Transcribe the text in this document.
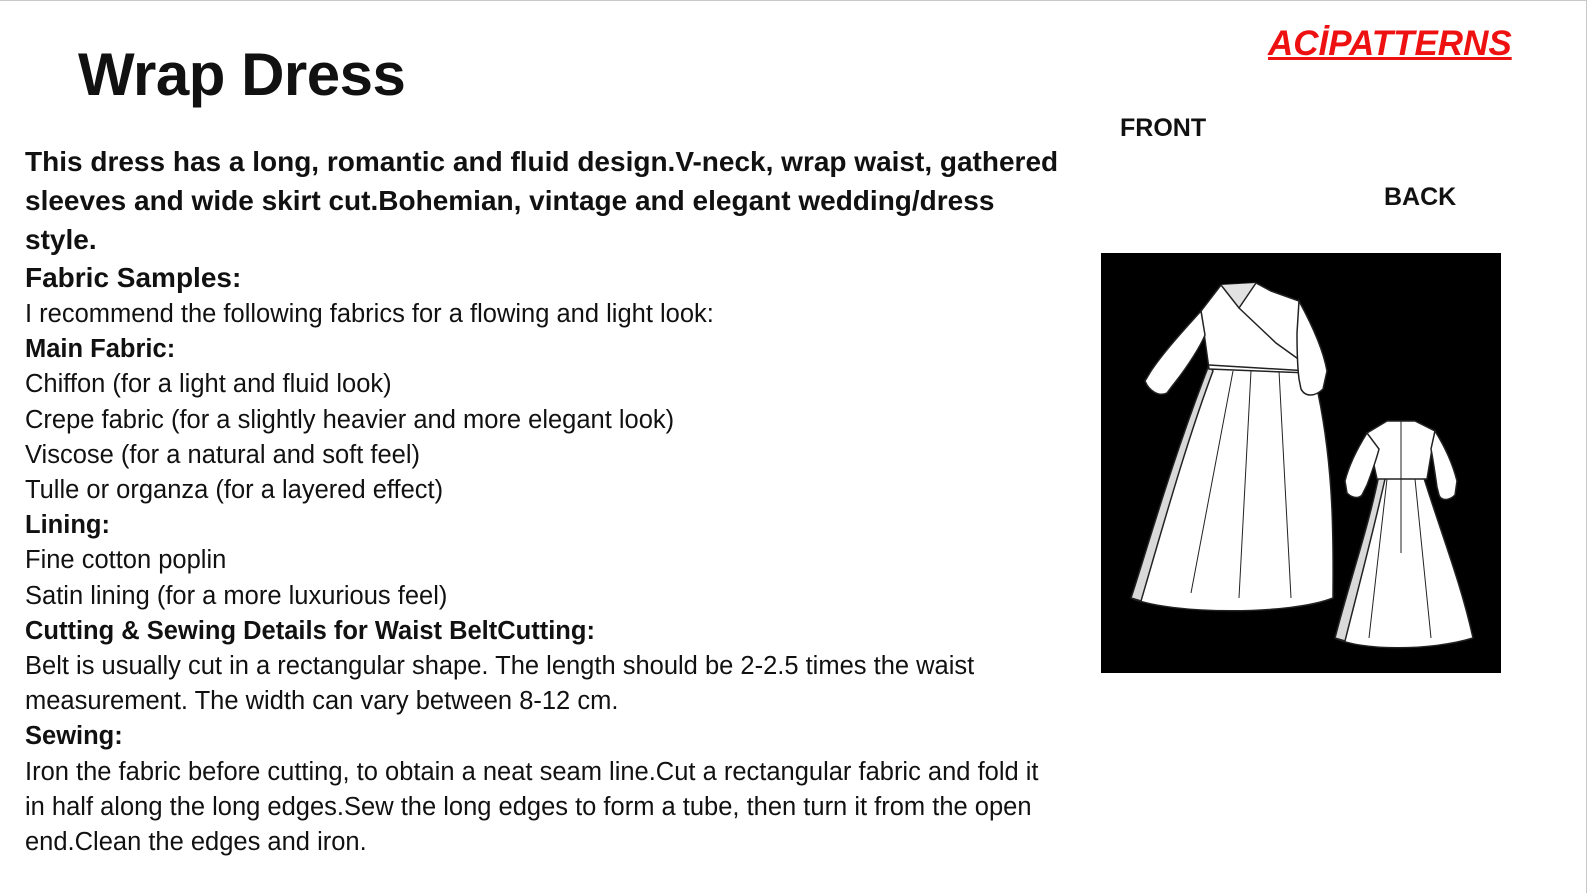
Wrap Dress	ACİPATTERNS
FRONT
BACK

This dress has a long, romantic and fluid design.V-neck, wrap waist, gathered sleeves and wide skirt cut.Bohemian, vintage and elegant wedding/dress style.

Fabric Samples:

I recommend the following fabrics for a flowing and light look:

Main Fabric:

Chiffon (for a light and fluid look)

Crepe fabric (for a slightly heavier and more elegant look)

Viscose (for a natural and soft feel)

Tulle or organza (for a layered effect)

Lining:

Fine cotton poplin

Satin lining (for a more luxurious feel)

Cutting & Sewing Details for Waist BeltCutting:

Belt is usually cut in a rectangular shape. The length should be 2-2.5 times the waist measurement. The width can vary between 8-12 cm.

Sewing:

Iron the fabric before cutting, to obtain a neat seam line.Cut a rectangular fabric and fold it in half along the long edges.Sew the long edges to form a tube, then turn it from the open end.Clean the edges and iron.
